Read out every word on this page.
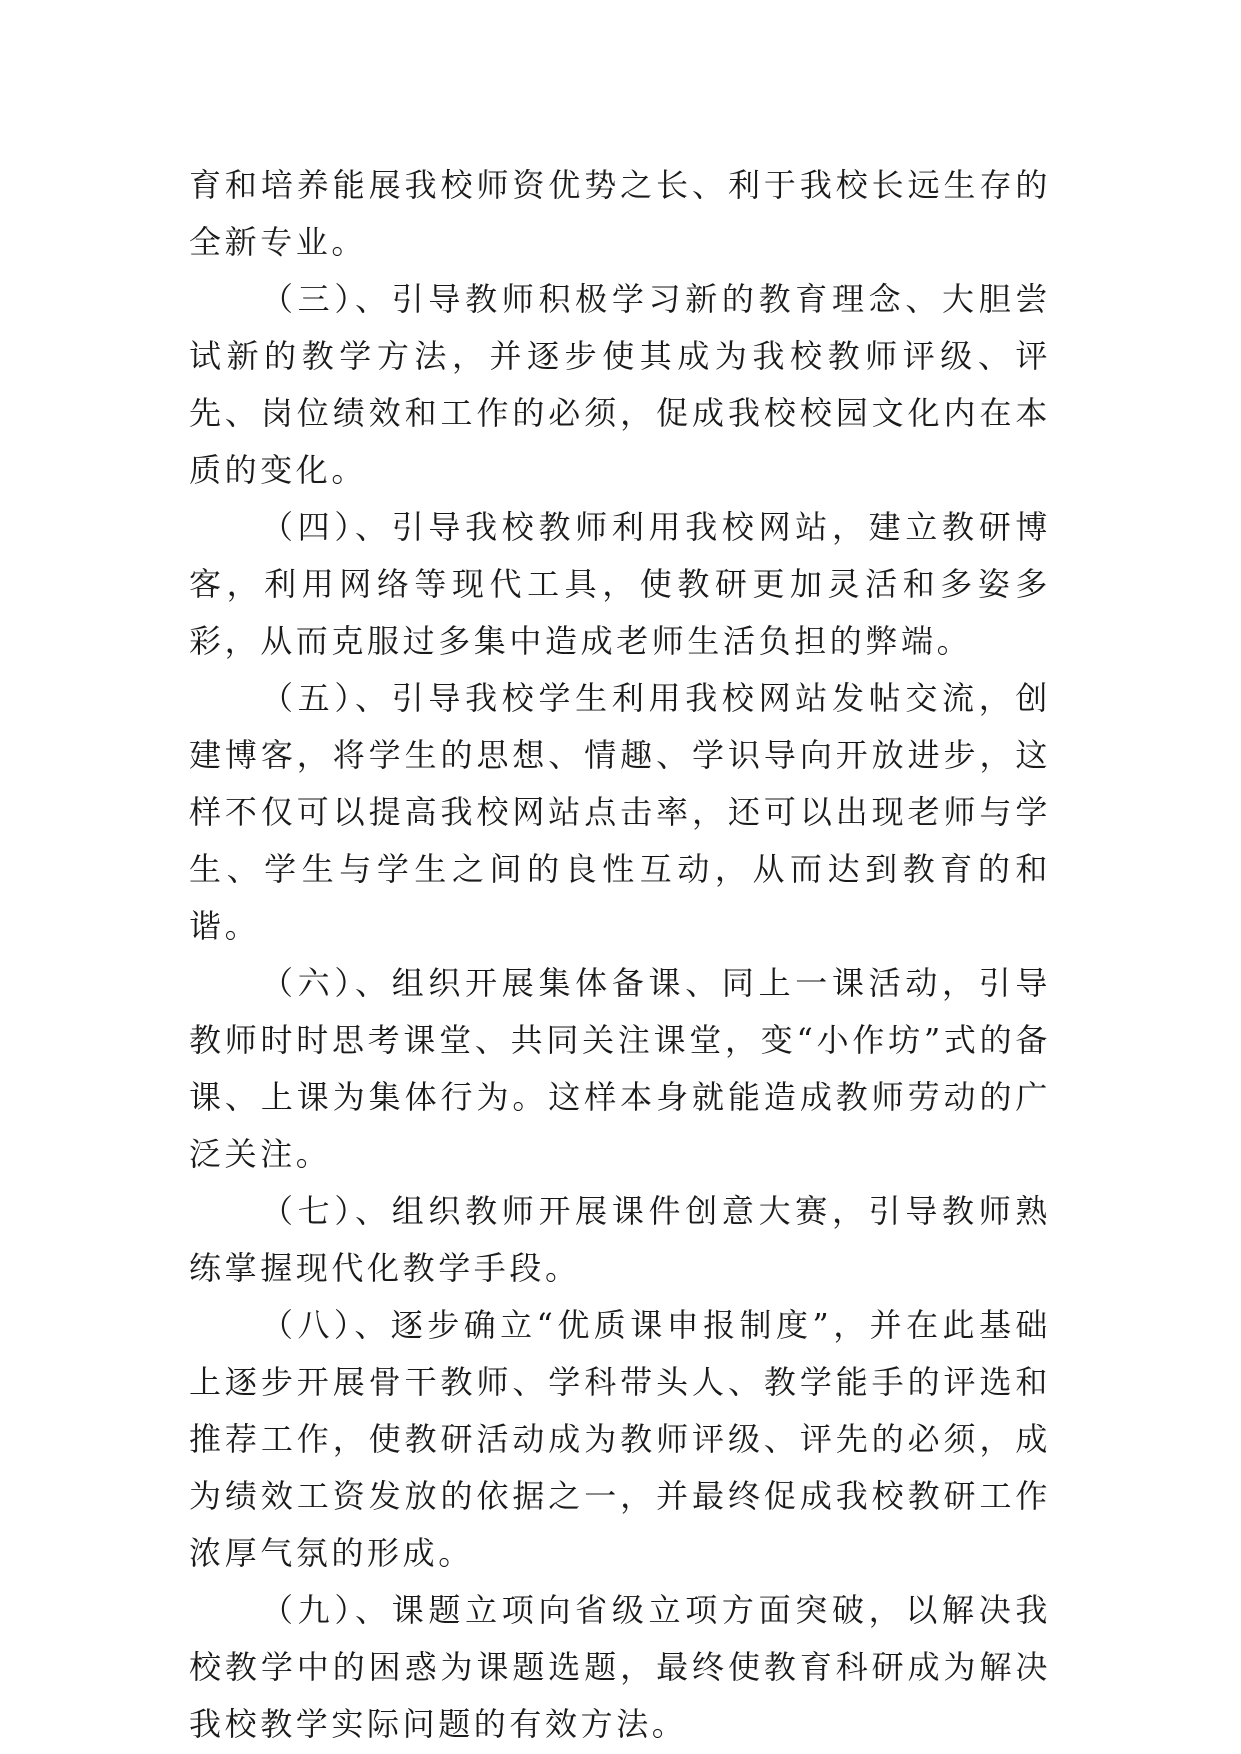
育和培养能展我校师资优势之长、利于我校长远生存的全新专业。

（三）、引导教师积极学习新的教育理念、大胆尝试新的教学方法，并逐步使其成为我校教师评级、评先、岗位绩效和工作的必须，促成我校校园文化内在本质的变化。

（四）、引导我校教师利用我校网站，建立教研博客，利用网络等现代工具，使教研更加灵活和多姿多彩，从而克服过多集中造成老师生活负担的弊端。

（五）、引导我校学生利用我校网站发帖交流，创建博客，将学生的思想、情趣、学识导向开放进步，这样不仅可以提高我校网站点击率，还可以出现老师与学生、学生与学生之间的良性互动，从而达到教育的和谐。

（六）、组织开展集体备课、同上一课活动，引导教师时时思考课堂、共同关注课堂，变“小作坊”式的备课、上课为集体行为。这样本身就能造成教师劳动的广泛关注。

（七）、组织教师开展课件创意大赛，引导教师熟练掌握现代化教学手段。

（八）、逐步确立“优质课申报制度”，并在此基础上逐步开展骨干教师、学科带头人、教学能手的评选和推荐工作，使教研活动成为教师评级、评先的必须，成为绩效工资发放的依据之一，并最终促成我校教研工作浓厚气氛的形成。

（九）、课题立项向省级立项方面突破，以解决我校教学中的困惑为课题选题，最终使教育科研成为解决我校教学实际问题的有效方法。
